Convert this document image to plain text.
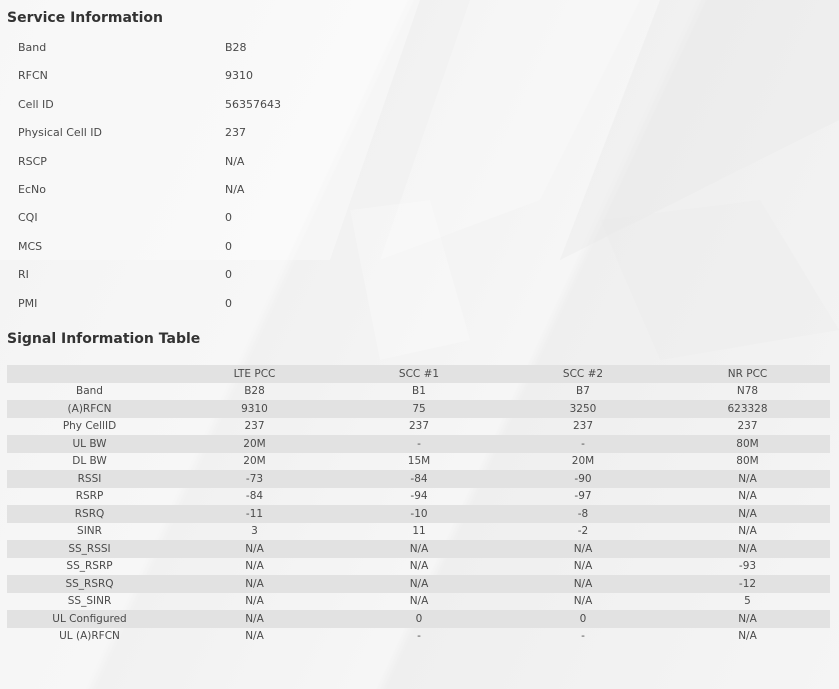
Service Information
Band	B28
RFCN	9310
Cell ID	56357643
Physical Cell ID	237
RSCP	N/A
EcNo	N/A
CQI	0
MCS	0
RI	0
PMI	0
Signal Information Table
	LTE PCC	SCC #1	SCC #2	NR PCC
Band	B28	B1	B7	N78
(A)RFCN	9310	75	3250	623328
Phy CellID	237	237	237	237
UL BW	20M	-	-	80M
DL BW	20M	15M	20M	80M
RSSI	-73	-84	-90	N/A
RSRP	-84	-94	-97	N/A
RSRQ	-11	-10	-8	N/A
SINR	3	11	-2	N/A
SS_RSSI	N/A	N/A	N/A	N/A
SS_RSRP	N/A	N/A	N/A	-93
SS_RSRQ	N/A	N/A	N/A	-12
SS_SINR	N/A	N/A	N/A	5
UL Configured	N/A	0	0	N/A
UL (A)RFCN	N/A	-	-	N/A
